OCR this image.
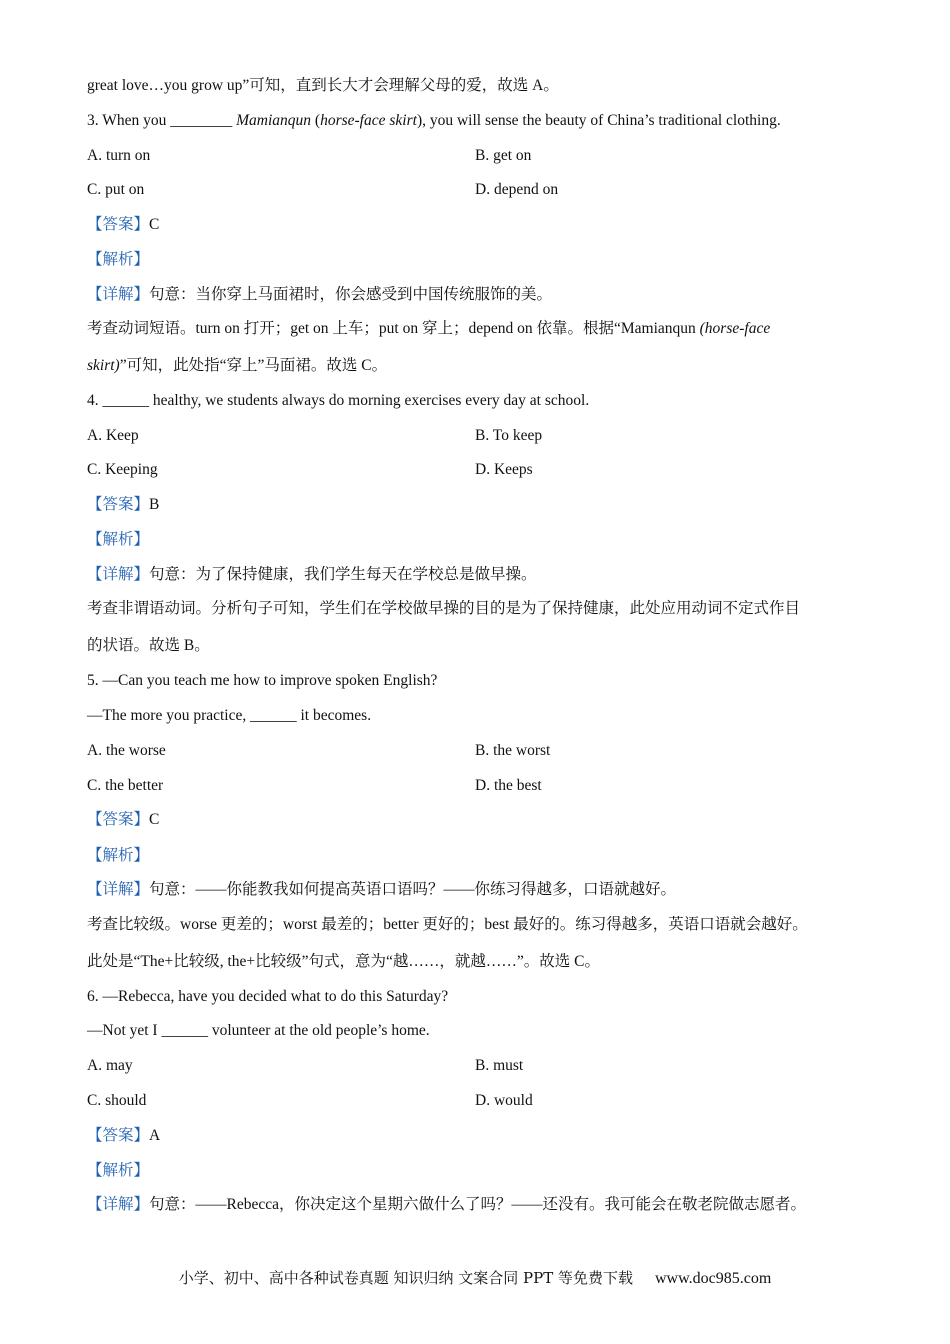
great love…you grow up”可知，直到长大才会理解父母的爱，故选 A。
3. When you ________ Mamianqun (horse-face skirt), you will sense the beauty of China’s traditional clothing.
A. turn on	B. get on
C. put on	D. depend on
【答案】C
【解析】
【详解】句意：当你穿上马面裙时，你会感受到中国传统服饰的美。
考查动词短语。turn on 打开；get on 上车；put on 穿上；depend on 依靠。根据“Mamianqun (horse-face
skirt)”可知，此处指“穿上”马面裙。故选 C。
4. ______ healthy, we students always do morning exercises every day at school.
A. Keep	B. To keep
C. Keeping	D. Keeps
【答案】B
【解析】
【详解】句意：为了保持健康，我们学生每天在学校总是做早操。
考查非谓语动词。分析句子可知，学生们在学校做早操的目的是为了保持健康，此处应用动词不定式作目
的状语。故选 B。
5. —Can you teach me how to improve spoken English?
—The more you practice, ______ it becomes.
A. the worse	B. the worst
C. the better	D. the best
【答案】C
【解析】
【详解】句意：——你能教我如何提高英语口语吗？——你练习得越多，口语就越好。
考查比较级。worse 更差的；worst 最差的；better 更好的；best 最好的。练习得越多，英语口语就会越好。
此处是“The+比较级, the+比较级”句式，意为“越……，就越……”。故选 C。
6. —Rebecca, have you decided what to do this Saturday?
—Not yet I ______ volunteer at the old people’s home.
A. may	B. must
C. should	D. would
【答案】A
【解析】
【详解】句意：——Rebecca，你决定这个星期六做什么了吗？——还没有。我可能会在敬老院做志愿者。
小学、初中、高中各种试卷真题 知识归纳 文案合同 PPT 等免费下载 www.doc985.com
